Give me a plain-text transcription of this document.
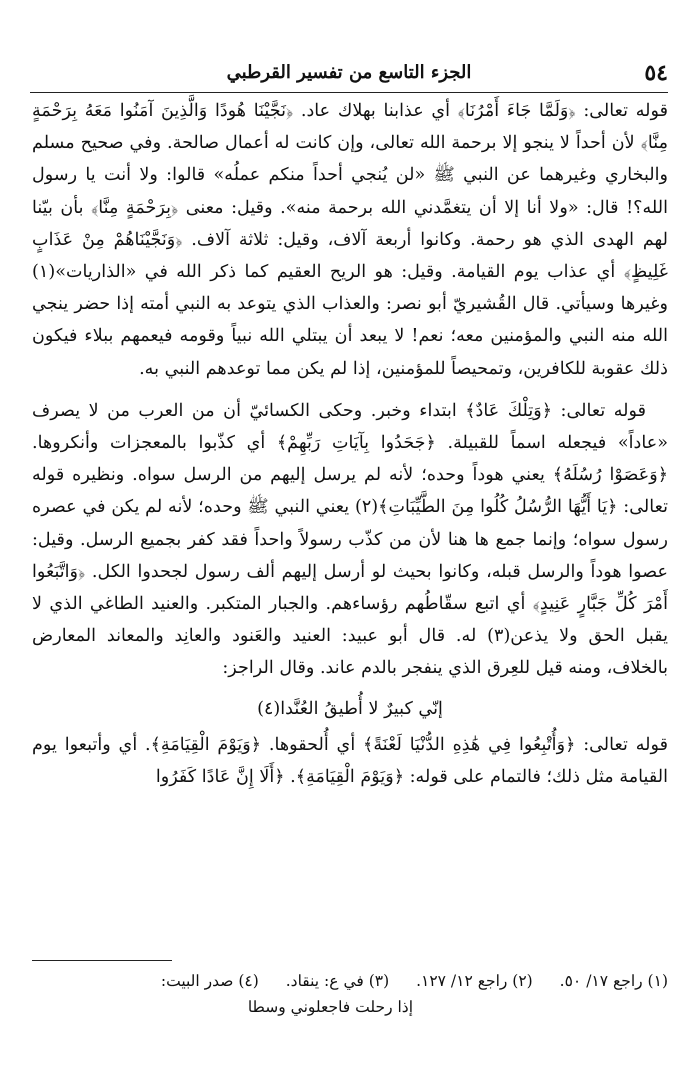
٥٤
الجزء التاسع من تفسير القرطبي

قوله تعالى: ﴿وَلَمَّا جَاءَ أَمْرُنَا﴾ أي عذابنا بهلاك عاد. ﴿نَجَّيْنَا هُودًا وَالَّذِينَ آمَنُوا مَعَهُ بِرَحْمَةٍ مِنَّا﴾ لأن أحداً لا ينجو إلا برحمة الله تعالى، وإن كانت له أعمال صالحة. وفي صحيح مسلم والبخاري وغيرهما عن النبي ﷺ «لن يُنجي أحداً منكم عملُه» قالوا: ولا أنت يا رسول الله؟! قال: «ولا أنا إلا أن يتغمَّدني الله برحمة منه». وقيل: معنى ﴿بِرَحْمَةٍ مِنَّا﴾ بأن بيّنا لهم الهدى الذي هو رحمة. وكانوا أربعة آلاف، وقيل: ثلاثة آلاف. ﴿وَنَجَّيْنَاهُمْ مِنْ عَذَابٍ غَلِيظٍ﴾ أي عذاب يوم القيامة. وقيل: هو الريح العقيم كما ذكر الله في «الذاريات»(١) وغيرها وسيأتي. قال القُشيريّ أبو نصر: والعذاب الذي يتوعد به النبي أمته إذا حضر ينجي الله منه النبي والمؤمنين معه؛ نعم! لا يبعد أن يبتلي الله نبياً وقومه فيعمهم ببلاء فيكون ذلك عقوبة للكافرين، وتمحيصاً للمؤمنين، إذا لم يكن مما توعدهم النبي به.

قوله تعالى: ﴿وَتِلْكَ عَادٌ﴾ ابتداء وخبر. وحكى الكسائيّ أن من العرب من لا يصرف «عاداً» فيجعله اسماً للقبيلة. ﴿جَحَدُوا بِآيَاتِ رَبِّهِمْ﴾ أي كذّبوا بالمعجزات وأنكروها. ﴿وَعَصَوْا رُسُلَهُ﴾ يعني هوداً وحده؛ لأنه لم يرسل إليهم من الرسل سواه. ونظيره قوله تعالى: ﴿يَا أَيُّهَا الرُّسُلُ كُلُوا مِنَ الطَّيِّبَاتِ﴾(٢) يعني النبي ﷺ وحده؛ لأنه لم يكن في عصره رسول سواه؛ وإنما جمع ها هنا لأن من كذّب رسولاً واحداً فقد كفر بجميع الرسل. وقيل: عصوا هوداً والرسل قبله، وكانوا بحيث لو أرسل إليهم ألف رسول لجحدوا الكل. ﴿وَاتَّبَعُوا أَمْرَ كُلِّ جَبَّارٍ عَنِيدٍ﴾ أي اتبع سقّاطُهم رؤساءهم. والجبار المتكبر. والعنيد الطاغي الذي لا يقبل الحق ولا يذعن(٣) له. قال أبو عبيد: العنيد والعَنود والعانِد والمعاند المعارض بالخلاف، ومنه قيل للعِرق الذي ينفجر بالدم عاند. وقال الراجز:

إنّي كبيرٌ لا أُطيقُ العُنَّدا(٤)

قوله تعالى: ﴿وَأُتْبِعُوا فِي هَٰذِهِ الدُّنْيَا لَعْنَةً﴾ أي أُلحقوها. ﴿وَيَوْمَ الْقِيَامَةِ﴾. أي وأتبعوا يوم القيامة مثل ذلك؛ فالتمام على قوله: ﴿وَيَوْمَ الْقِيَامَةِ﴾. ﴿أَلَا إِنَّ عَادًا كَفَرُوا

(١) راجع ١٧/ ٥٠. (٢) راجع ١٢/ ١٢٧. (٣) في ع: ينقاد. (٤) صدر البيت:
إذا رحلت فاجعلوني وسطا
